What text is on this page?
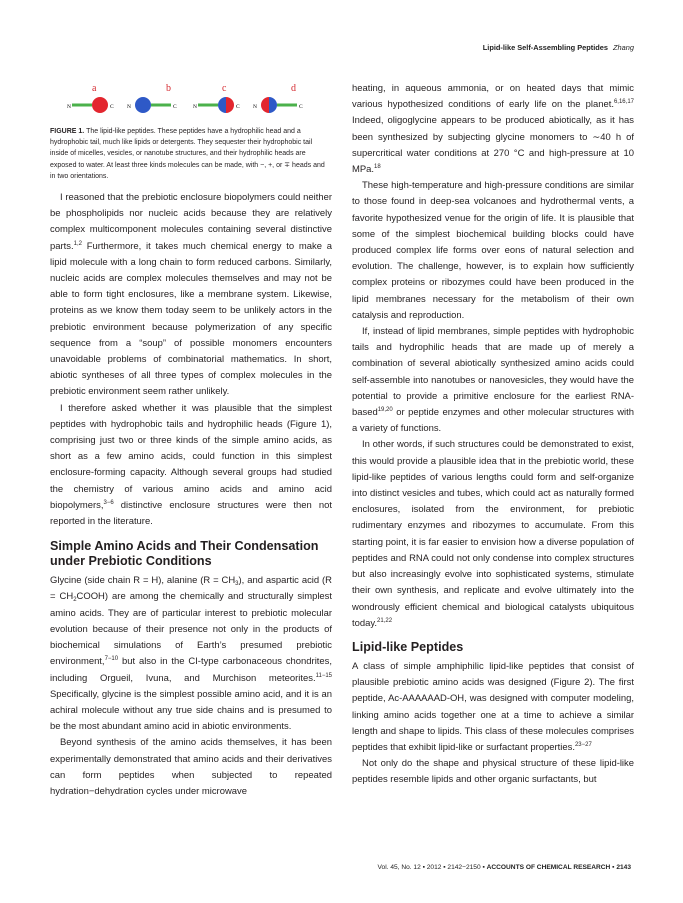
Lipid-like Self-Assembling Peptides Zhang
a
N	C
b
N	C
c
N	C
d
N	C
FIGURE 1. The lipid-like peptides. These peptides have a hydrophilic head and a hydrophobic tail, much like lipids or detergents. They sequester their hydrophobic tail inside of micelles, vesicles, or nanotube structures, and their hydrophilic heads are exposed to water. At least three kinds molecules can be made, with −, +, or ∓ heads and in two orientations.

I reasoned that the prebiotic enclosure biopolymers could neither be phospholipids nor nucleic acids because they are relatively complex multicomponent molecules containing several distinctive parts.$^{1,2}$ Furthermore, it takes much chemical energy to make a lipid molecule with a long chain to form reduced carbons. Similarly, nucleic acids are complex molecules themselves and may not be able to form tight enclosures, like a membrane system. Likewise, proteins as we know them today seem to be unlikely actors in the prebiotic environment because polymerization of any specific sequence from a “soup” of possible monomers encounters unavoidable problems of combinatorial mathematics. In short, abiotic syntheses of all three types of complex molecules in the prebiotic environment seem rather unlikely.

I therefore asked whether it was plausible that the simplest peptides with hydrophobic tails and hydrophilic heads (Figure 1), comprising just two or three kinds of the simple amino acids, as short as a few amino acids, could function in this simplest enclosure-forming capacity. Although several groups had studied the chemistry of various amino acids and amino acid biopolymers,$^{3-6}$ distinctive enclosure structures were then not reported in the literature.

Simple Amino Acids and Their Condensation under Prebiotic Conditions

Glycine (side chain R = H), alanine $(R = CH_3)$, and aspartic acid $(R = CH_2COOH)$ are among the chemically and structurally simplest amino acids. They are of particular interest to prebiotic molecular evolution because of their presence not only in the products of biochemical simulations of Earth’s presumed prebiotic environment,$^{7-10}$ but also in the CI-type carbonaceous chondrites, including Orgueil, Ivuna, and Murchison meteorites.$^{11-15}$ Specifically, glycine is the simplest possible amino acid, and it is an achiral molecule without any true side chains and is presumed to be the most abundant amino acid in abiotic environments.

Beyond synthesis of the amino acids themselves, it has been experimentally demonstrated that amino acids and their derivatives can form peptides when subjected to repeated hydration−dehydration cycles under microwave

heating, in aqueous ammonia, or on heated days that mimic various hypothesized conditions of early life on the planet.$^{6,16,17}$ Indeed, oligoglycine appears to be produced abiotically, as it has been synthesized by subjecting glycine monomers to ∼40 h of supercritical water conditions at 270 °C and high-pressure at 10 MPa.$^{18}$

These high-temperature and high-pressure conditions are similar to those found in deep-sea volcanoes and hydrothermal vents, a favorite hypothesized venue for the origin of life. It is plausible that some of the simplest biochemical building blocks could have produced complex life forms over eons of natural selection and evolution. The challenge, however, is to explain how sufficiently complex proteins or ribozymes could have been produced in the lipid membranes necessary for the metabolism of their own catalysis and reproduction.

If, instead of lipid membranes, simple peptides with hydrophobic tails and hydrophilic heads that are made up of merely a combination of several abiotically synthesized amino acids could self-assemble into nanotubes or nanovesicles, they would have the potential to provide a primitive enclosure for the earliest RNA-based$^{19,20}$ or peptide enzymes and other molecular structures with a variety of functions.

In other words, if such structures could be demonstrated to exist, this would provide a plausible idea that in the prebiotic world, these lipid-like peptides of various lengths could form and self-organize into distinct vesicles and tubes, which could act as naturally formed enclosures, isolated from the environment, for prebiotic rudimentary enzymes and ribozymes to accumulate. From this starting point, it is far easier to envision how a diverse population of peptides and RNA could not only condense into complex structures but also increasingly evolve into sophisticated systems, stimulate their own synthesis, and replicate and evolve ultimately into the wondrously efficient chemical and biological catalysts ubiquitous today.$^{21,22}$

Lipid-like Peptides

A class of simple amphiphilic lipid-like peptides that consist of plausible prebiotic amino acids was designed (Figure 2). The first peptide, Ac-AAAAAAD-OH, was designed with computer modeling, linking amino acids together one at a time to achieve a similar length and shape to lipids. This class of these molecules comprises peptides that exhibit lipid-like or surfactant properties.$^{23-27}$

Not only do the shape and physical structure of these lipid-like peptides resemble lipids and other organic surfactants, but

Vol. 45, No. 12 ▪ 2012 ▪ 2142−2150 ▪ ACCOUNTS OF CHEMICAL RESEARCH ▪ 2143
